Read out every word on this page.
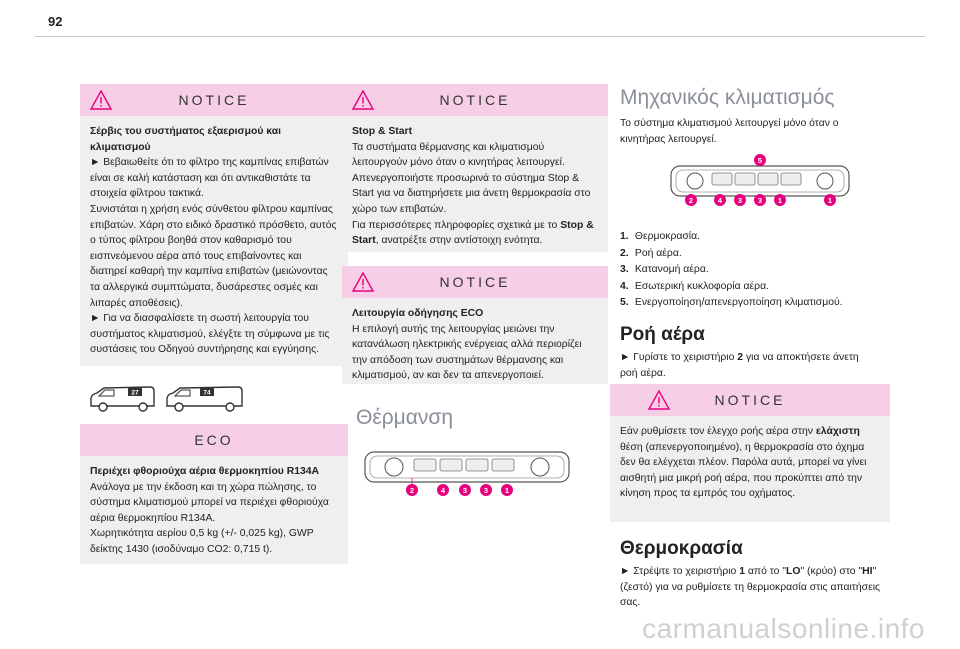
92
NOTICE

Σέρβις του συστήματος εξαερισμού και κλιματισμού

► Βεβαιωθείτε ότι το φίλτρο της καμπίνας επιβατών είναι σε καλή κατάσταση και ότι αντικαθιστάτε τα στοιχεία φίλτρου τακτικά.

Συνιστάται η χρήση ενός σύνθετου φίλτρου καμπίνας επιβατών. Χάρη στο ειδικό δραστικό πρόσθετο, αυτός ο τύπος φίλτρου βοηθά στον καθαρισμό του εισπνεόμενου αέρα από τους επιβαίνοντες και διατηρεί καθαρή την καμπίνα επιβατών (μειώνοντας τα αλλεργικά συμπτώματα, δυσάρεστες οσμές και λιπαρές αποθέσεις).

► Για να διασφαλίσετε τη σωστή λειτουργία του συστήματος κλιματισμού, ελέγξτε τη σύμφωνα με τις συστάσεις του Οδηγού συντήρησης και εγγύησης.

27	74
ECO

Περιέχει φθοριούχα αέρια θερμοκηπίου R134A

Ανάλογα με την έκδοση και τη χώρα πώλησης, το σύστημα κλιματισμού μπορεί να περιέχει φθοριούχα αέρια θερμοκηπίου R134A.

Χωρητικότητα αερίου 0,5 kg (+/- 0,025 kg), GWP δείκτης 1430 (ισοδύναμο CO2: 0,715 t).

NOTICE

Stop & Start

Τα συστήματα θέρμανσης και κλιματισμού λειτουργούν μόνο όταν ο κινητήρας λειτουργεί.

Απενεργοποιήστε προσωρινά το σύστημα Stop & Start για να διατηρήσετε μια άνετη θερμοκρασία στο χώρο των επιβατών.

Για περισσότερες πληροφορίες σχετικά με το Stop & Start, ανατρέξτε στην αντίστοιχη ενότητα.

NOTICE

Λειτουργία οδήγησης ECO

Η επιλογή αυτής της λειτουργίας μειώνει την κατανάλωση ηλεκτρικής ενέργειας αλλά περιορίζει την απόδοση των συστημάτων θέρμανσης και κλιματισμού, αν και δεν τα απενεργοποιεί.

Θέρμανση
2	4 3 3 1
Μηχανικός κλιματισμός
Το σύστημα κλιματισμού λειτουργεί μόνο όταν ο κινητήρας λειτουργεί.
5
2	4 3 3 1	1
1. Θερμοκρασία.
2. Ροή αέρα.
3. Κατανομή αέρα.
4. Εσωτερική κυκλοφορία αέρα.
5. Ενεργοποίηση/απενεργοποίηση κλιματισμού.
Ροή αέρα
► Γυρίστε το χειριστήριο 2 για να αποκτήσετε άνετη ροή αέρα.
NOTICE

Εάν ρυθμίσετε τον έλεγχο ροής αέρα στην ελάχιστη θέση (απενεργοποιημένο), η θερμοκρασία στο όχημα δεν θα ελέγχεται πλέον. Παρόλα αυτά, μπορεί να γίνει αισθητή μια μικρή ροή αέρα, που προκύπτει από την κίνηση προς τα εμπρός του οχήματος.

Θερμοκρασία
► Στρέψτε το χειριστήριο 1 από το "LO" (κρύο) στο "HI" (ζεστό) για να ρυθμίσετε τη θερμοκρασία στις απαιτήσεις σας.
carmanualsonline.info
